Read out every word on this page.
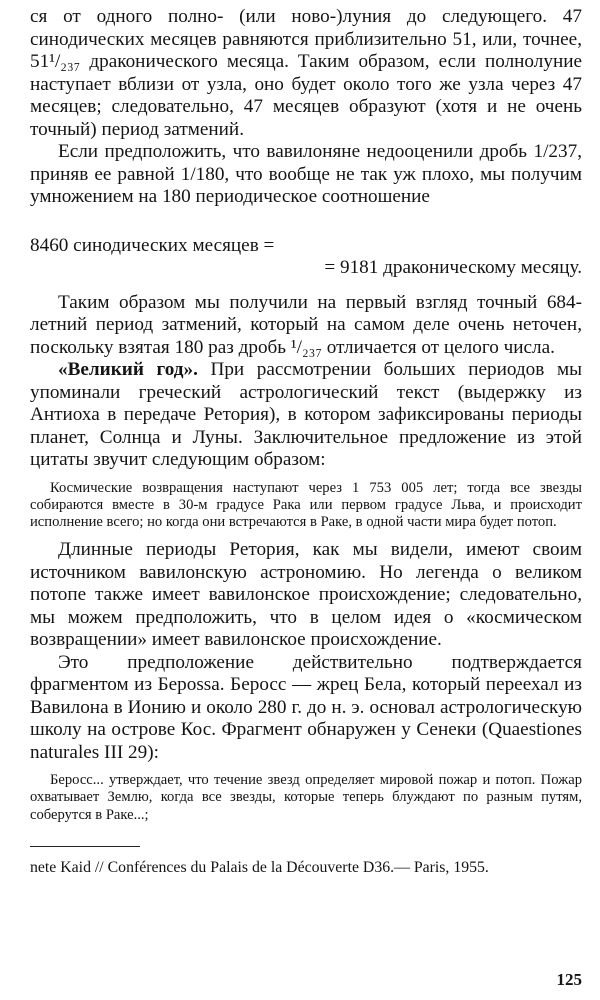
ся от одного полно- (или ново-)луния до следующего. 47 синодических месяцев равняются приблизительно 51, или, точнее, 51¹/₂₃₇ драконического месяца. Таким образом, если полнолуние наступает вблизи от узла, оно будет около того же узла через 47 месяцев; следовательно, 47 месяцев образуют (хотя и не очень точный) период затмений.

Если предположить, что вавилоняне недооценили дробь 1/237, приняв ее равной 1/180, что вообще не так уж плохо, мы получим умножением на 180 периодическое соотношение

8460 синодических месяцев =

= 9181 драконическому месяцу.

Таким образом мы получили на первый взгляд точный 684-летний период затмений, который на самом деле очень неточен, поскольку взятая 180 раз дробь ¹/₂₃₇ отличается от целого числа.

«Великий год». При рассмотрении больших периодов мы упоминали греческий астрологический текст (выдержку из Антиоха в передаче Ретория), в котором зафиксированы периоды планет, Солнца и Луны. Заключительное предложение из этой цитаты звучит следующим образом:

Космические возвращения наступают через 1 753 005 лет; тогда все звезды собираются вместе в 30-м градусе Рака или первом градусе Льва, и происходит исполнение всего; но когда они встречаются в Раке, в одной части мира будет потоп.

Длинные периоды Ретория, как мы видели, имеют своим источником вавилонскую астрономию. Но легенда о великом потопе также имеет вавилонское происхождение; следовательно, мы можем предположить, что в целом идея о «космическом возвращении» имеет вавилонское происхождение.

Это предположение действительно подтверждается фрагментом из Берossа. Беросс — жрец Бела, который переехал из Вавилона в Ионию и около 280 г. до н. э. основал астрологическую школу на острове Кос. Фрагмент обнаружен у Сенеки (Quaestiones naturales III 29):

Беросс... утверждает, что течение звезд определяет мировой пожар и потоп. Пожар охватывает Землю, когда все звезды, которые теперь блуждают по разным путям, соберутся в Раке...;

nete Kaid // Conférences du Palais de la Découverte D36.— Paris, 1955.

125
